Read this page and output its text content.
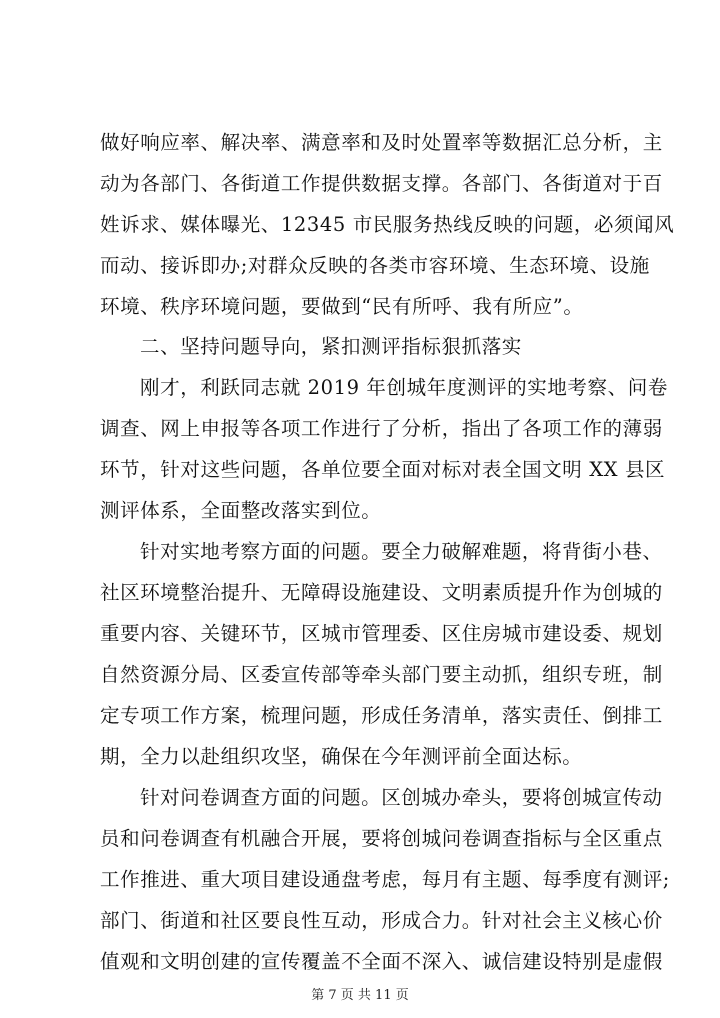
做好响应率、解决率、满意率和及时处置率等数据汇总分析，主
动为各部门、各街道工作提供数据支撑。各部门、各街道对于百
姓诉求、媒体曝光、12345 市民服务热线反映的问题，必须闻风
而动、接诉即办;对群众反映的各类市容环境、生态环境、设施
环境、秩序环境问题，要做到“民有所呼、我有所应”。
二、坚持问题导向，紧扣测评指标狠抓落实
刚才，利跃同志就 2019 年创城年度测评的实地考察、问卷
调查、网上申报等各项工作进行了分析，指出了各项工作的薄弱
环节，针对这些问题，各单位要全面对标对表全国文明 XX 县区
测评体系，全面整改落实到位。
针对实地考察方面的问题。要全力破解难题，将背街小巷、
社区环境整治提升、无障碍设施建设、文明素质提升作为创城的
重要内容、关键环节，区城市管理委、区住房城市建设委、规划
自然资源分局、区委宣传部等牵头部门要主动抓，组织专班，制
定专项工作方案，梳理问题，形成任务清单，落实责任、倒排工
期，全力以赴组织攻坚，确保在今年测评前全面达标。
针对问卷调查方面的问题。区创城办牵头，要将创城宣传动
员和问卷调查有机融合开展，要将创城问卷调查指标与全区重点
工作推进、重大项目建设通盘考虑，每月有主题、每季度有测评;
部门、街道和社区要良性互动，形成合力。针对社会主义核心价
值观和文明创建的宣传覆盖不全面不深入、诚信建设特别是虚假
第 7 页 共 11 页
